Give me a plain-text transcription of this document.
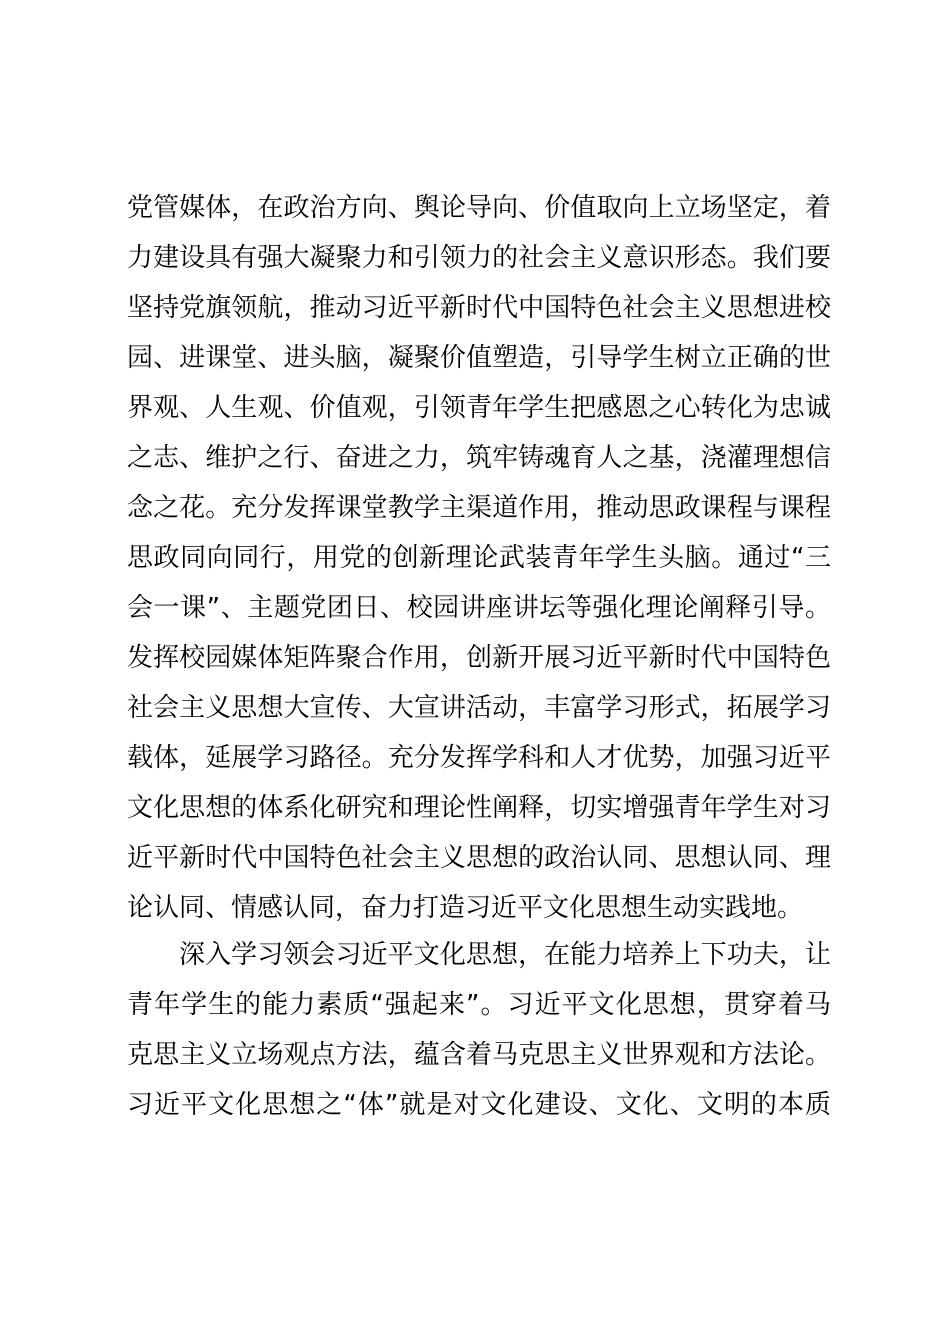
党管媒体，在政治方向、舆论导向、价值取向上立场坚定，着
力建设具有强大凝聚力和引领力的社会主义意识形态。我们要
坚持党旗领航，推动习近平新时代中国特色社会主义思想进校
园、进课堂、进头脑，凝聚价值塑造，引导学生树立正确的世
界观、人生观、价值观，引领青年学生把感恩之心转化为忠诚
之志、维护之行、奋进之力，筑牢铸魂育人之基，浇灌理想信
念之花。充分发挥课堂教学主渠道作用，推动思政课程与课程
思政同向同行，用党的创新理论武装青年学生头脑。通过“三
会一课”、主题党团日、校园讲座讲坛等强化理论阐释引导。
发挥校园媒体矩阵聚合作用，创新开展习近平新时代中国特色
社会主义思想大宣传、大宣讲活动，丰富学习形式，拓展学习
载体，延展学习路径。充分发挥学科和人才优势，加强习近平
文化思想的体系化研究和理论性阐释，切实增强青年学生对习
近平新时代中国特色社会主义思想的政治认同、思想认同、理
论认同、情感认同，奋力打造习近平文化思想生动实践地。
深入学习领会习近平文化思想，在能力培养上下功夫，让
青年学生的能力素质“强起来”。习近平文化思想，贯穿着马
克思主义立场观点方法，蕴含着马克思主义世界观和方法论。
习近平文化思想之“体”就是对文化建设、文化、文明的本质
